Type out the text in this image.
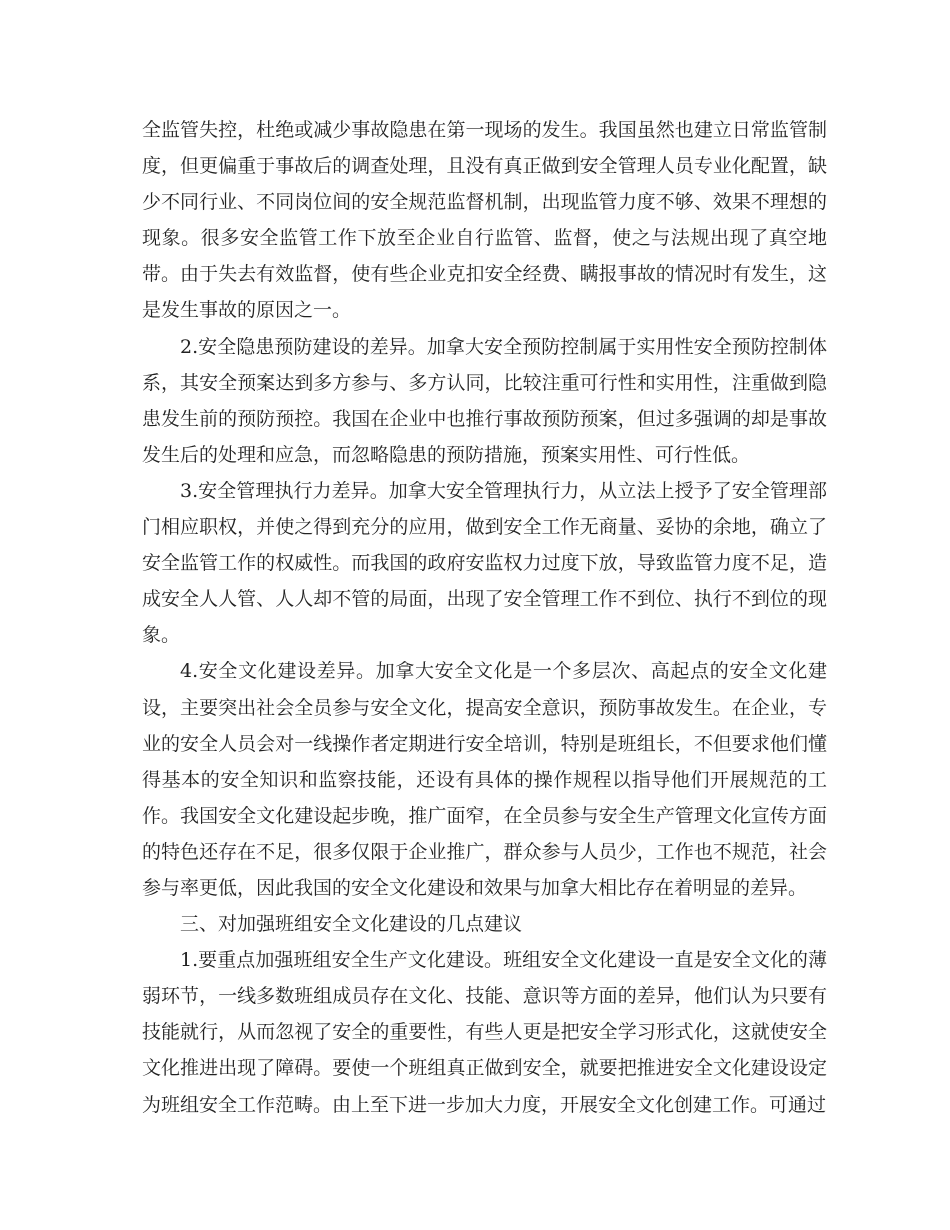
全监管失控，杜绝或减少事故隐患在第一现场的发生。我国虽然也建立日常监管制度，但更偏重于事故后的调查处理，且没有真正做到安全管理人员专业化配置，缺少不同行业、不同岗位间的安全规范监督机制，出现监管力度不够、效果不理想的现象。很多安全监管工作下放至企业自行监管、监督，使之与法规出现了真空地带。由于失去有效监督，使有些企业克扣安全经费、瞒报事故的情况时有发生，这是发生事故的原因之一。

2.安全隐患预防建设的差异。加拿大安全预防控制属于实用性安全预防控制体系，其安全预案达到多方参与、多方认同，比较注重可行性和实用性，注重做到隐患发生前的预防预控。我国在企业中也推行事故预防预案，但过多强调的却是事故发生后的处理和应急，而忽略隐患的预防措施，预案实用性、可行性低。

3.安全管理执行力差异。加拿大安全管理执行力，从立法上授予了安全管理部门相应职权，并使之得到充分的应用，做到安全工作无商量、妥协的余地，确立了安全监管工作的权威性。而我国的政府安监权力过度下放，导致监管力度不足，造成安全人人管、人人却不管的局面，出现了安全管理工作不到位、执行不到位的现象。

4.安全文化建设差异。加拿大安全文化是一个多层次、高起点的安全文化建设，主要突出社会全员参与安全文化，提高安全意识，预防事故发生。在企业，专业的安全人员会对一线操作者定期进行安全培训，特别是班组长，不但要求他们懂得基本的安全知识和监察技能，还设有具体的操作规程以指导他们开展规范的工作。我国安全文化建设起步晚，推广面窄，在全员参与安全生产管理文化宣传方面的特色还存在不足，很多仅限于企业推广，群众参与人员少，工作也不规范，社会参与率更低，因此我国的安全文化建设和效果与加拿大相比存在着明显的差异。

三、对加强班组安全文化建设的几点建议

1.要重点加强班组安全生产文化建设。班组安全文化建设一直是安全文化的薄弱环节，一线多数班组成员存在文化、技能、意识等方面的差异，他们认为只要有技能就行，从而忽视了安全的重要性，有些人更是把安全学习形式化，这就使安全文化推进出现了障碍。要使一个班组真正做到安全，就要把推进安全文化建设设定为班组安全工作范畴。由上至下进一步加大力度，开展安全文化创建工作。可通过
